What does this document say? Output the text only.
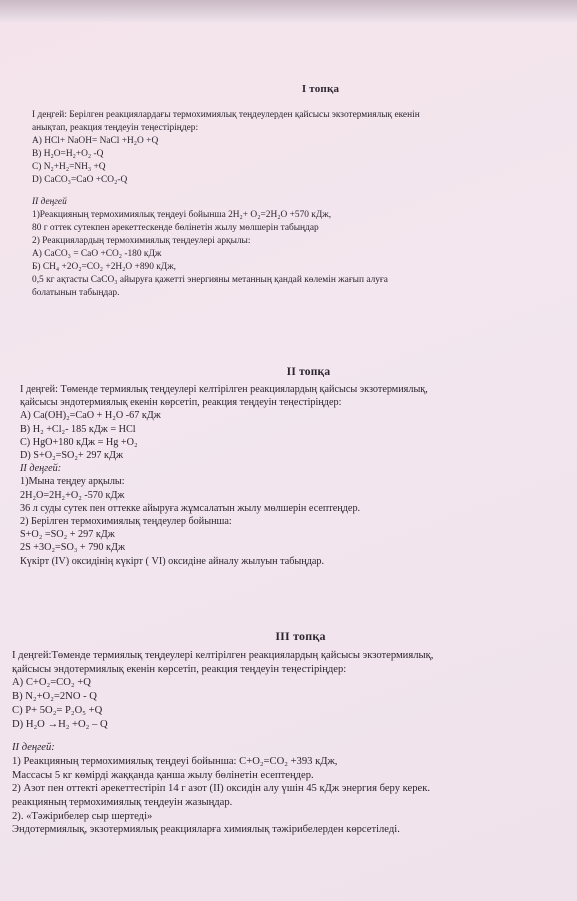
I топқа
I деңгей: Берілген реакциялардағы термохимиялық теңдеулерден қайсысы экзотермиялық екенін
анықтап, реакция теңдеуін теңестіріңдер:
А) HCl+ NaOH= NaCl +H₂O +Q
В) H₂O=H₂+O₂ -Q
C) N₂+H₂=NH₃ +Q
D) CaCO₃=CaO +CO₂-Q
II деңгей
1)Реакцияның термохимиялық теңдеуі бойынша 2H₂+ O₂=2H₂O +570 кДж,
80 г оттек сутекпен әрекеттескенде бөлінетін жылу мөлшерін табыңдар
2) Реакциялардың термохимиялық теңдеулері арқылы:
А) CaCO₃ = CaO +CO₂ -180 кДж
Б) CH₄ +2O₂=CO₂ +2H₂O +890 кДж,
0,5 кг ақтасты CaCO₃ айыруға қажетті энергияны метанның қандай көлемін жағып алуға
болатынын табыңдар.
II топқа
I деңгей: Төменде термиялық теңдеулері келтірілген реакциялардың қайсысы экзотермиялық,
қайсысы эндотермиялық екенін көрсетіп, реакция теңдеуін теңестіріңдер:
А) Ca(OH)₂=CaO + H₂O -67 кДж
В) H₂ +Cl₂- 185 кДж = HCl
C) HgO+180 кДж = Hg +O₂
D) S+O₂=SO₂+ 297 кДж
II деңгей:
1)Мына теңдеу арқылы:
2H₂O=2H₂+O₂ -570 кДж
36 л суды сутек пен оттекке айыруға жұмсалатын жылу мөлшерін есептеңдер.
2) Берілген термохимиялық теңдеулер бойынша:
S+O₂ =SO₂ + 297 кДж
2S +3O₂=SO₃ + 790 кДж
Күкірт (IV) оксидінің күкірт ( VI) оксидіне айналу жылуын табыңдар.
III топқа
I деңгей:Төменде термиялық теңдеулері келтірілген реакциялардың қайсысы экзотермиялық,
қайсысы эндотермиялық екенін көрсетіп, реакция теңдеуін теңестіріңдер:
А) C+O₂=CO₂ +Q
В) N₂+O₂=2NO - Q
C) P+ 5O₂= P₂O₅ +Q
D) H₂O →H₂ +O₂ – Q
II деңгей:
1) Реакцияның термохимиялық теңдеуі бойынша: C+O₂=CO₂ +393 кДж,
Массасы 5 кг көмірді жаққанда қанша жылу бөлінетін есептеңдер.
2) Азот пен оттекті әрекеттестіріп 14 г азот (II) оксидін алу үшін 45 кДж энергия беру керек.
реакцияның термохимиялық теңдеуін жазыңдар.
2). «Тәжірибелер сыр шертеді»
Эндотермиялық, экзотермиялық реакцияларға химиялық тәжірибелерден көрсетіледі.
